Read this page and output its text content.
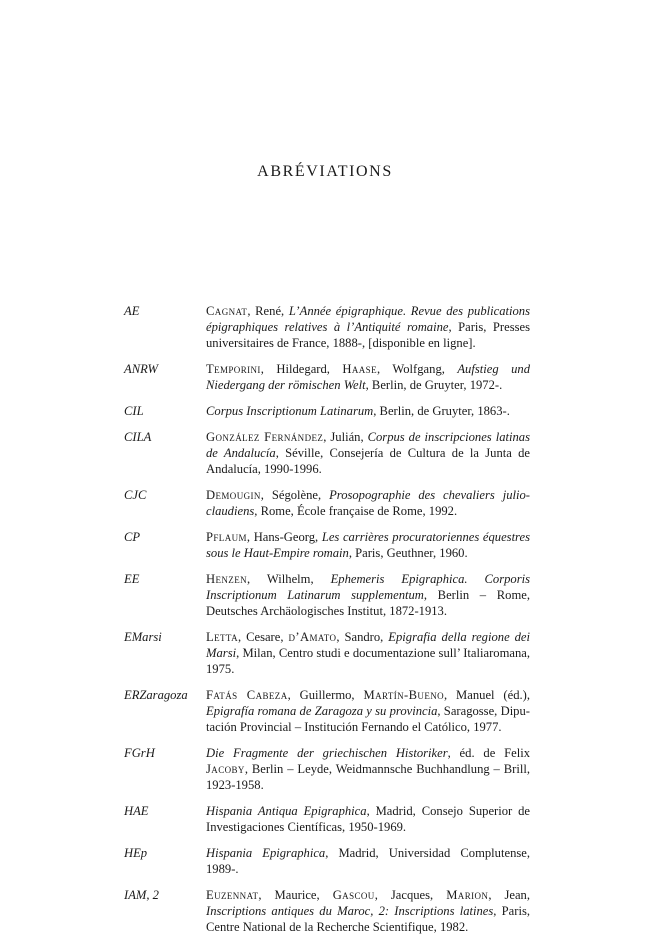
ABRÉVIATIONS
AE	Cagnat, René, L’Année épigraphique. Revue des publications épigraphiques relatives à l’Antiquité romaine, Paris, Presses universitaires de France, 1888-, [disponible en ligne].
ANRW	Temporini, Hildegard, Haase, Wolfgang, Aufstieg und Niedergang der römischen Welt, Berlin, de Gruyter, 1972-.
CIL	Corpus Inscriptionum Latinarum, Berlin, de Gruyter, 1863-.
CILA	González Fernández, Julián, Corpus de inscripciones latinas de Andalucía, Séville, Consejería de Cultura de la Junta de Andalucía, 1990-1996.
CJC	Demougin, Ségolène, Prosopographie des chevaliers julio-claudiens, Rome, École française de Rome, 1992.
CP	Pflaum, Hans-Georg, Les carrières procuratoriennes équestres sous le Haut-Empire romain, Paris, Geuthner, 1960.
EE	Henzen, Wilhelm, Ephemeris Epigraphica. Corporis Inscriptionum Latinarum supplementum, Berlin – Rome, Deutsches Archäologisches Institut, 1872-1913.
EMarsi	Letta, Cesare, d’Amato, Sandro, Epigrafia della regione dei Marsi, Milan, Centro studi e documentazione sull’ Italiaromana, 1975.
ERZaragoza	Fatás Cabeza, Guillermo, Martín-Bueno, Manuel (éd.), Epigrafía romana de Zaragoza y su provincia, Saragosse, Diputación Provincial – Institución Fernando el Católico, 1977.
FGrH	Die Fragmente der griechischen Historiker, éd. de Felix Jacoby, Berlin – Leyde, Weidmannsche Buchhandlung – Brill, 1923-1958.
HAE	Hispania Antiqua Epigraphica, Madrid, Consejo Superior de Investigaciones Científicas, 1950-1969.
HEp	Hispania Epigraphica, Madrid, Universidad Complutense, 1989-.
IAM, 2	Euzennat, Maurice, Gascou, Jacques, Marion, Jean, Inscriptions antiques du Maroc, 2: Inscriptions latines, Paris, Centre National de la Recherche Scientifique, 1982.
